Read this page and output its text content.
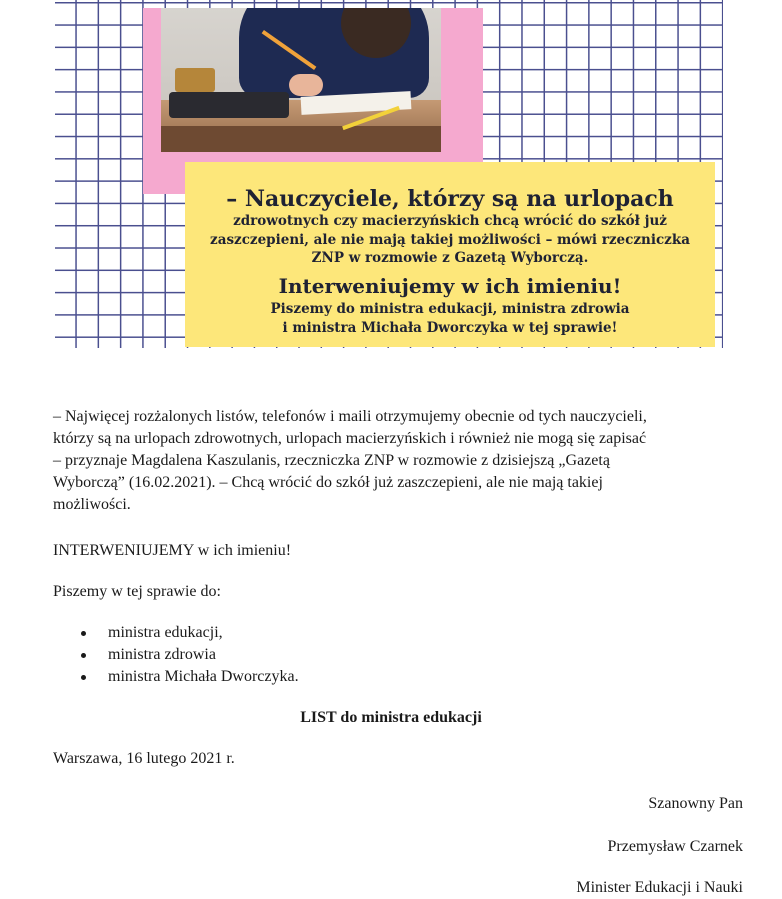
– Nauczyciele, którzy są na urlopach
zdrowotnych czy macierzyńskich chcą wrócić do szkół już
zaszczepieni, ale nie mają takiej możliwości – mówi rzeczniczka
ZNP w rozmowie z Gazetą Wyborczą.
Interweniujemy w ich imieniu!
Piszemy do ministra edukacji, ministra zdrowia
i ministra Michała Dworczyka w tej sprawie!
– Najwięcej rozżalonych listów, telefonów i maili otrzymujemy obecnie od tych nauczycieli,
którzy są na urlopach zdrowotnych, urlopach macierzyńskich i również nie mogą się zapisać
– przyznaje Magdalena Kaszulanis, rzeczniczka ZNP w rozmowie z dzisiejszą „Gazetą
Wyborczą” (16.02.2021). – Chcą wrócić do szkół już zaszczepieni, ale nie mają takiej
możliwości.
INTERWENIUJEMY w ich imieniu!
Piszemy w tej sprawie do:
ministra edukacji,
ministra zdrowia
ministra Michała Dworczyka.
LIST do ministra edukacji
Warszawa, 16 lutego 2021 r.
Szanowny Pan
Przemysław Czarnek
Minister Edukacji i Nauki
